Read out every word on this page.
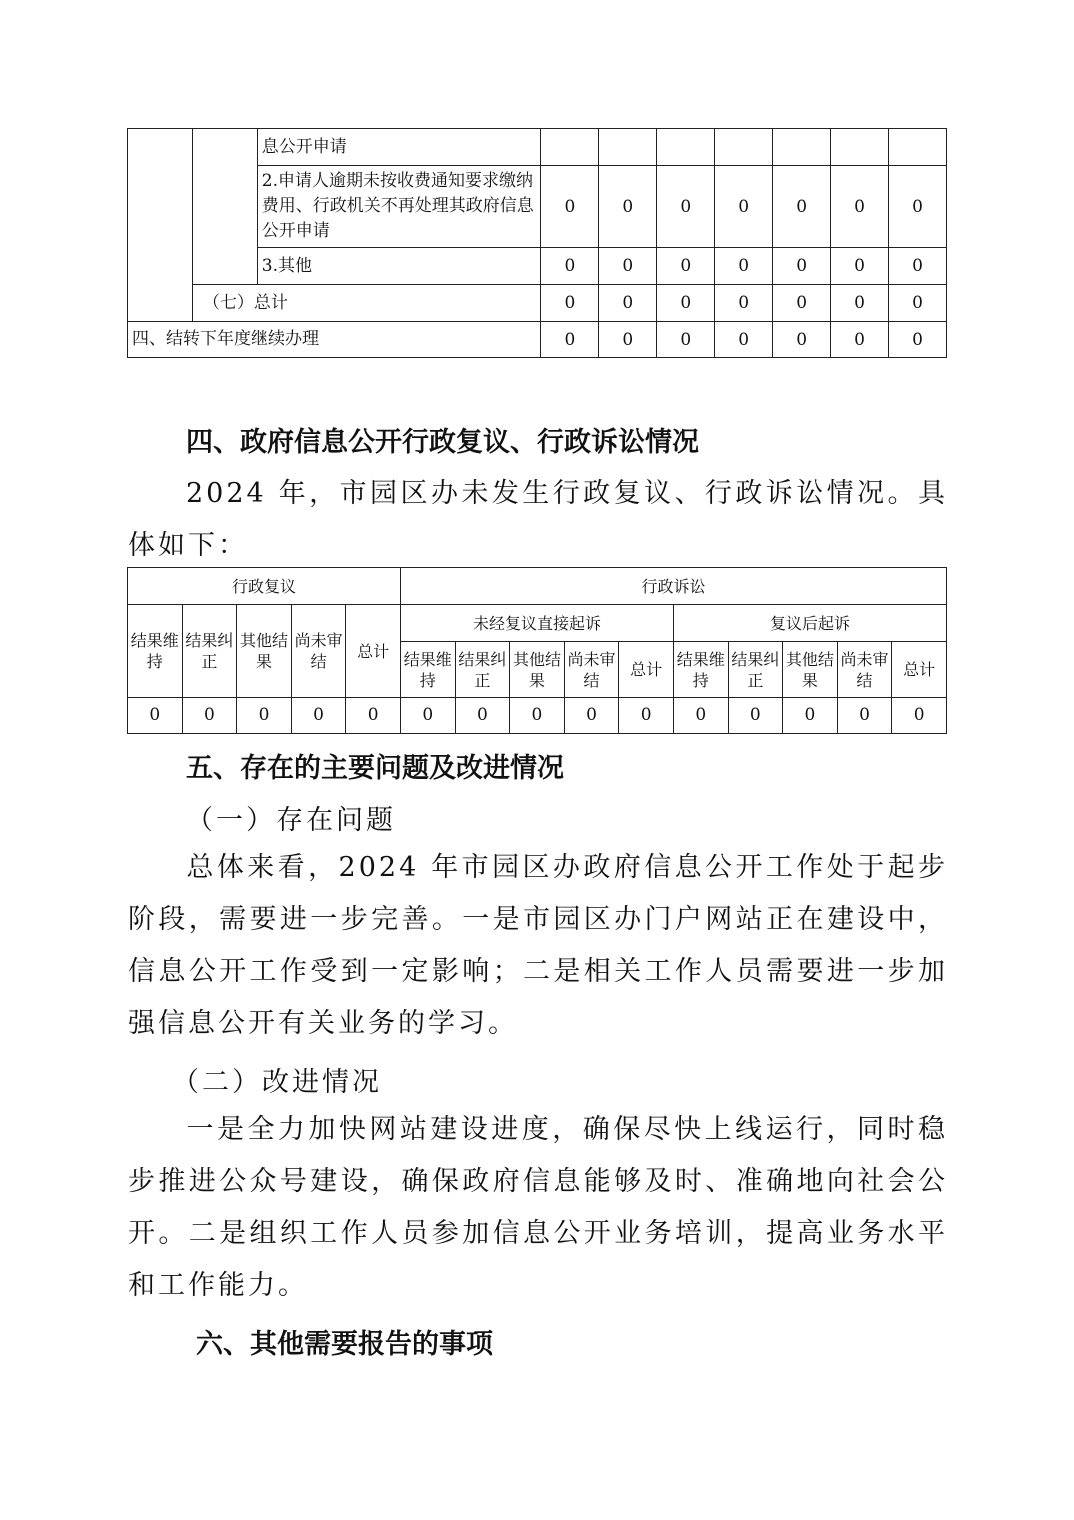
		息公开申请							
		2.申请人逾期未按收费通知要求缴纳费用、行政机关不再处理其政府信息公开申请	0	0	0	0	0	0	0
		3.其他	0	0	0	0	0	0	0
	（七）总计		0	0	0	0	0	0	0
四、结转下年度继续办理			0	0	0	0	0	0	0
四、政府信息公开行政复议、行政诉讼情况

2024 年，市园区办未发生行政复议、行政诉讼情况。具体如下：

行政复议					行政诉讼									
结果维持	结果纠正	其他结果	尚未审结	总计	未经复议直接起诉					复议后起诉				
					结果维持	结果纠正	其他结果	尚未审结	总计	结果维持	结果纠正	其他结果	尚未审结	总计
0	0	0	0	0	0	0	0	0	0	0	0	0	0	0
五、存在的主要问题及改进情况
（一）存在问题

总体来看，2024 年市园区办政府信息公开工作处于起步阶段，需要进一步完善。一是市园区办门户网站正在建设中，信息公开工作受到一定影响；二是相关工作人员需要进一步加强信息公开有关业务的学习。

（二）改进情况

一是全力加快网站建设进度，确保尽快上线运行，同时稳步推进公众号建设，确保政府信息能够及时、准确地向社会公开。二是组织工作人员参加信息公开业务培训，提高业务水平和工作能力。

六、其他需要报告的事项
